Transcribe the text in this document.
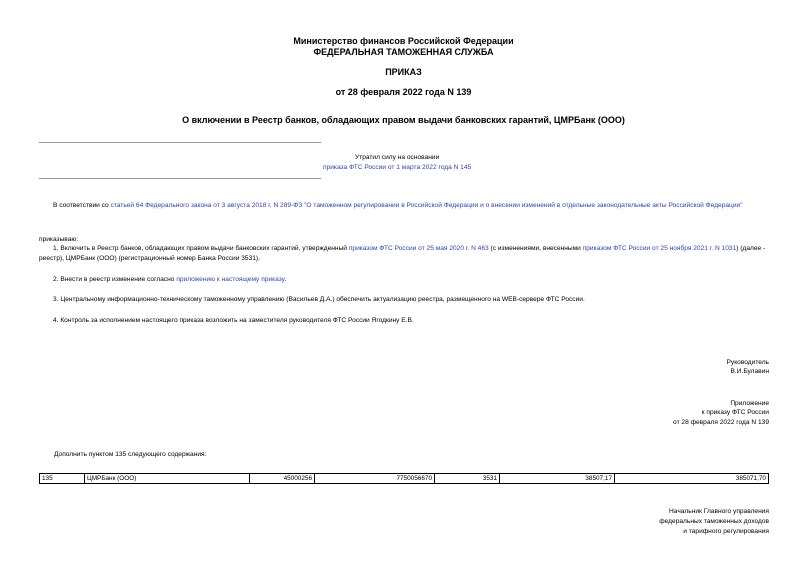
Министерство финансов Российской Федерации
ФЕДЕРАЛЬНАЯ ТАМОЖЕННАЯ СЛУЖБА
ПРИКАЗ
от 28 февраля 2022 года N 139
О включении в Реестр банков, обладающих правом выдачи банковских гарантий, ЦМРБанк (ООО)
Утратил силу на основании
приказа ФТС России от 1 марта 2022 года N 145
В соответствии со статьей 64 Федерального закона от 3 августа 2018 г. N 289-ФЗ "О таможенном регулировании в Российской Федерации и о внесении изменений в отдельные законодательные акты Российской Федерации"
приказываю:
1. Включить в Реестр банков, обладающих правом выдачи банковских гарантий, утвержденный приказом ФТС России от 25 мая 2020 г. N 463 (с изменениями, внесенными приказом ФТС России от 25 ноября 2021 г. N 1031) (далее - реестр), ЦМРБанк (ООО) (регистрационный номер Банка России 3531).
2. Внести в реестр изменение согласно приложению к настоящему приказу.
3. Центральному информационно-техническому таможенному управлению (Васильев Д.А.) обеспечить актуализацию реестра, размещенного на WEB-сервере ФТС России.
4. Контроль за исполнением настоящего приказа возложить на заместителя руководителя ФТС России Ягодкину Е.В.
Руководитель
В.И.Булавин
Приложение
к приказу ФТС России
от 28 февраля 2022 года N 139
Дополнить пунктом 135 следующего содержания:
135	ЦМРБанк (ООО)	45000256	7750056670	3531	38507,17	385071,70
Начальник Главного управления
федеральных таможенных доходов
и тарифного регулирования
